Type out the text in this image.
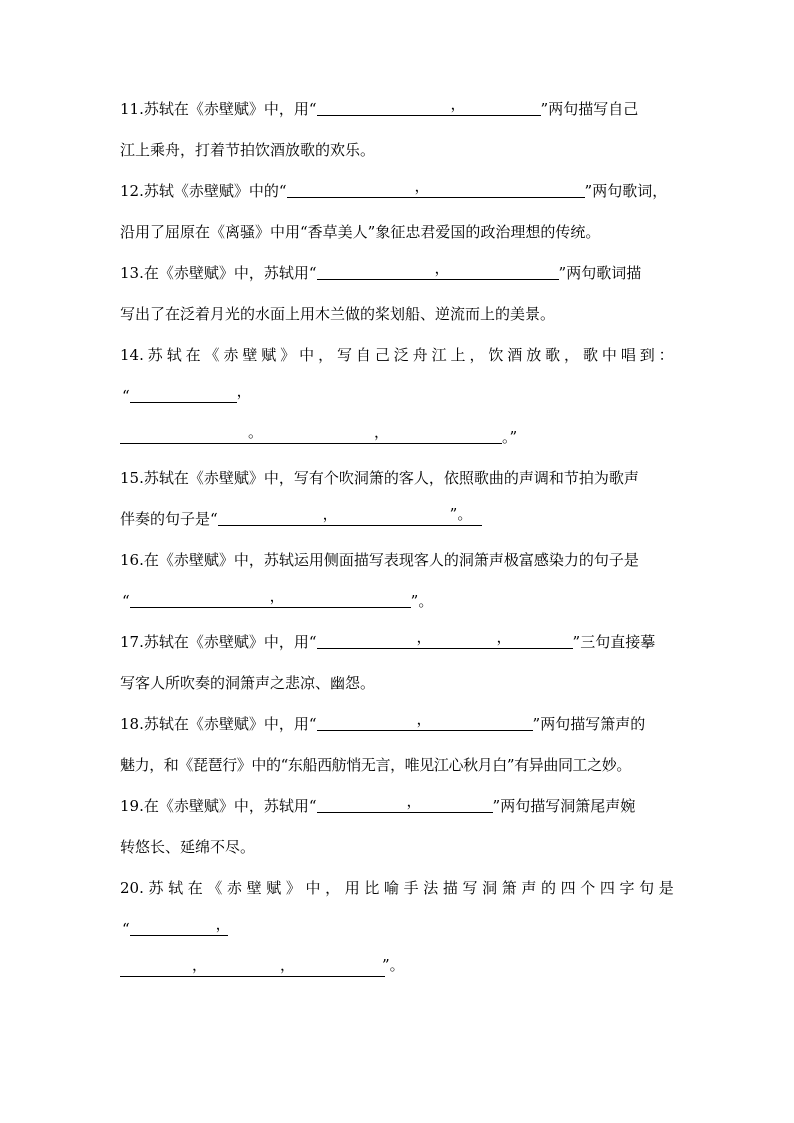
11.苏轼在《赤壁赋》中，用“	，	”两句描写自己
江上乘舟，打着节拍饮酒放歌的欢乐。
12.苏轼《赤壁赋》中的“	，	”两句歌词，
沿用了屈原在《离骚》中用“香草美人”象征忠君爱国的政治理想的传统。
13.在《赤壁赋》中，苏轼用“	，	”两句歌词描
写出了在泛着月光的水面上用木兰做的桨划船、逆流而上的美景。
14. 苏 轼 在 《 赤 壁 赋 》 中 ， 写 自 己 泛 舟 江 上 ， 饮 酒 放 歌 ， 歌 中 唱 到 ：
“	，
。	，	。”
15.苏轼在《赤壁赋》中，写有个吹洞箫的客人，依照歌曲的声调和节拍为歌声
伴奏的句子是“	，	”。
16.在《赤壁赋》中，苏轼运用侧面描写表现客人的洞箫声极富感染力的句子是
“	，	”。
17.苏轼在《赤壁赋》中，用“	，	，	”三句直接摹
写客人所吹奏的洞箫声之悲凉、幽怨。
18.苏轼在《赤壁赋》中，用“	，	”两句描写箫声的
魅力，和《琵琶行》中的“东船西舫悄无言，唯见江心秋月白”有异曲同工之妙。
19.在《赤壁赋》中，苏轼用“	，	”两句描写洞箫尾声婉
转悠长、延绵不尽。
20. 苏 轼 在 《 赤 壁 赋 》 中 ， 用 比 喻 手 法 描 写 洞 箫 声 的 四 个 四 字 句 是
“	，
，	，	”。
